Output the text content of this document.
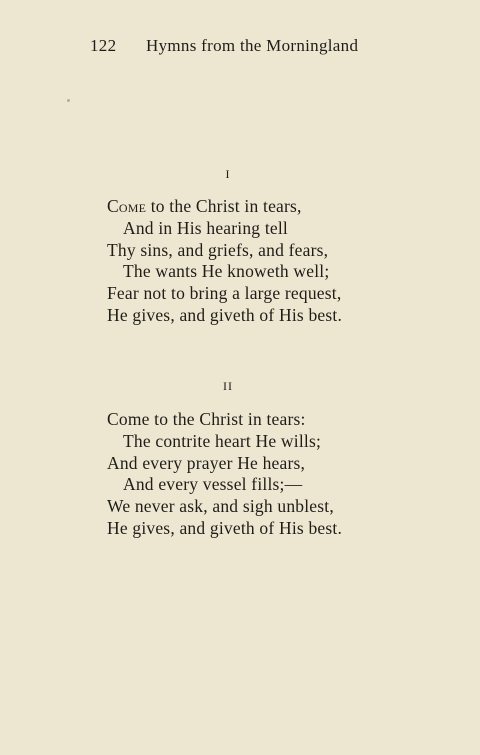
122 Hymns from the Morningland
I
Come to the Christ in tears,
And in His hearing tell
Thy sins, and griefs, and fears,
The wants He knoweth well;
Fear not to bring a large request,
He gives, and giveth of His best.
II
Come to the Christ in tears:
The contrite heart He wills;
And every prayer He hears,
And every vessel fills;—
We never ask, and sigh unblest,
He gives, and giveth of His best.
